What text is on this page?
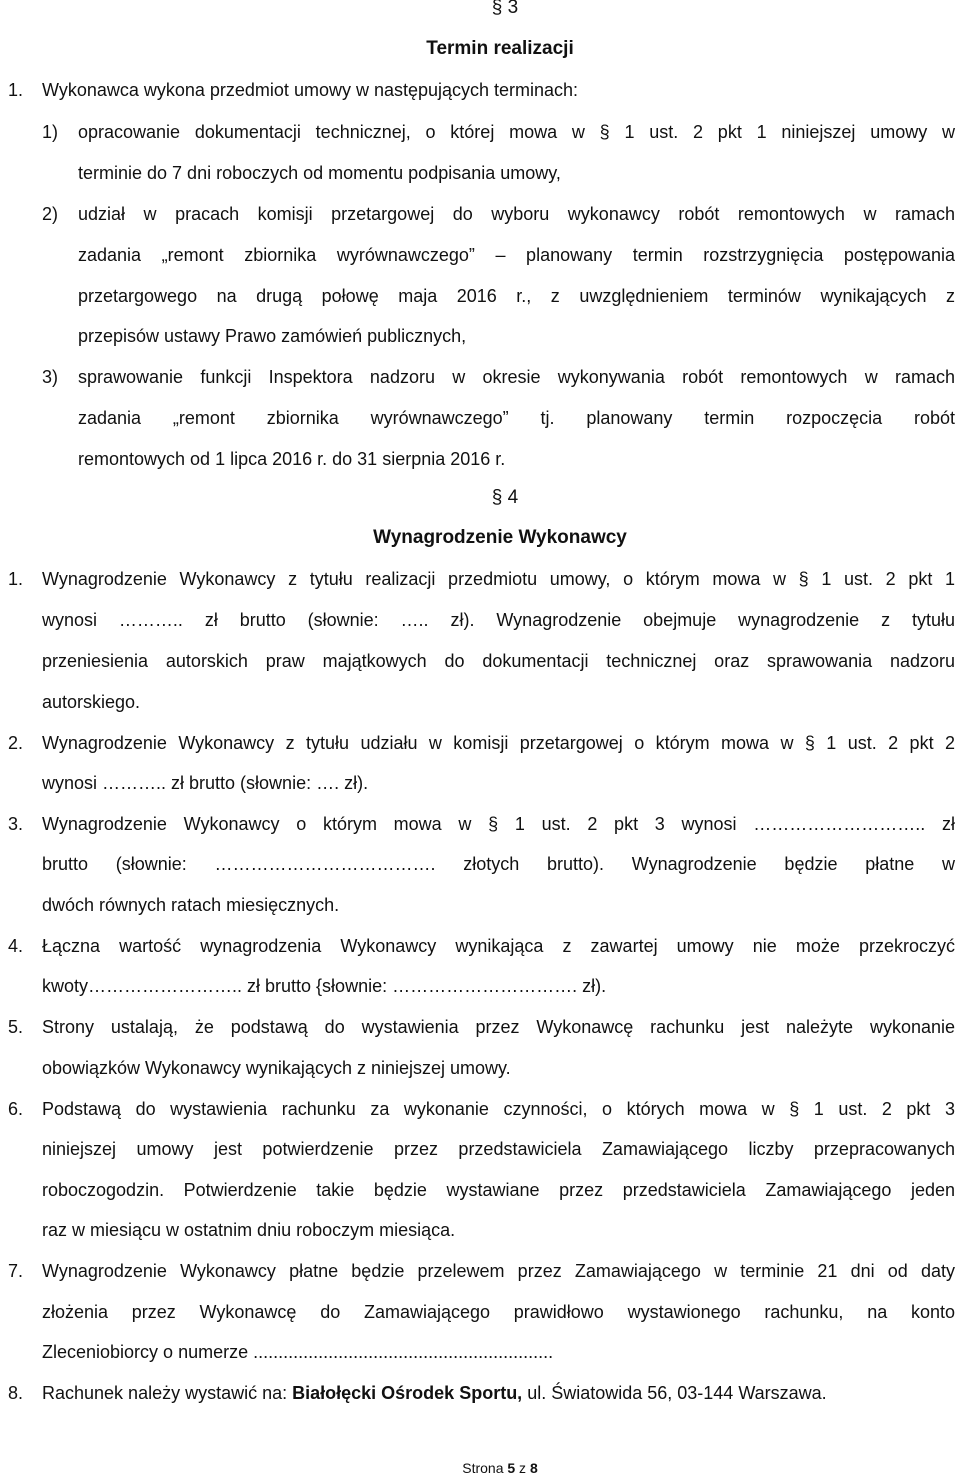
§ 3
Termin realizacji
1. Wykonawca wykona przedmiot umowy w następujących terminach:
1) opracowanie dokumentacji technicznej, o której mowa w § 1 ust. 2 pkt 1 niniejszej umowy w
terminie do 7 dni roboczych od momentu podpisania umowy,
2) udział w pracach komisji przetargowej do wyboru wykonawcy robót remontowych w ramach
zadania „remont zbiornika wyrównawczego” – planowany termin rozstrzygnięcia postępowania
przetargowego na drugą połowę maja 2016 r., z uwzględnieniem terminów wynikających z
przepisów ustawy Prawo zamówień publicznych,
3) sprawowanie funkcji Inspektora nadzoru w okresie wykonywania robót remontowych w ramach
zadania „remont zbiornika wyrównawczego” tj. planowany termin rozpoczęcia robót
remontowych od 1 lipca 2016 r. do 31 sierpnia 2016 r.
§ 4
Wynagrodzenie Wykonawcy
1. Wynagrodzenie Wykonawcy z tytułu realizacji przedmiotu umowy, o którym mowa w § 1 ust. 2 pkt 1
wynosi ……….. zł brutto (słownie: ….. zł). Wynagrodzenie obejmuje wynagrodzenie z tytułu
przeniesienia autorskich praw majątkowych do dokumentacji technicznej oraz sprawowania nadzoru
autorskiego.
2. Wynagrodzenie Wykonawcy z tytułu udziału w komisji przetargowej o którym mowa w § 1 ust. 2 pkt 2
wynosi ……….. zł brutto (słownie: …. zł).
3. Wynagrodzenie Wykonawcy o którym mowa w § 1 ust. 2 pkt 3 wynosi ……………………….. zł
brutto (słownie: ………………………………. złotych brutto). Wynagrodzenie będzie płatne w
dwóch równych ratach miesięcznych.
4. Łączna wartość wynagrodzenia Wykonawcy wynikająca z zawartej umowy nie może przekroczyć
kwoty…………………….. zł brutto {słownie: …………………………. zł).
5. Strony ustalają, że podstawą do wystawienia przez Wykonawcę rachunku jest należyte wykonanie
obowiązków Wykonawcy wynikających z niniejszej umowy.
6. Podstawą do wystawienia rachunku za wykonanie czynności, o których mowa w § 1 ust. 2 pkt 3
niniejszej umowy jest potwierdzenie przez przedstawiciela Zamawiającego liczby przepracowanych
roboczogodzin. Potwierdzenie takie będzie wystawiane przez przedstawiciela Zamawiającego jeden
raz w miesiącu w ostatnim dniu roboczym miesiąca.
7. Wynagrodzenie Wykonawcy płatne będzie przelewem przez Zamawiającego w terminie 21 dni od daty
złożenia przez Wykonawcę do Zamawiającego prawidłowo wystawionego rachunku, na konto
Zleceniobiorcy o numerze ............................................................
8. Rachunek należy wystawić na: Białołęcki Ośrodek Sportu, ul. Światowida 56, 03-144 Warszawa.
Strona 5 z 8
